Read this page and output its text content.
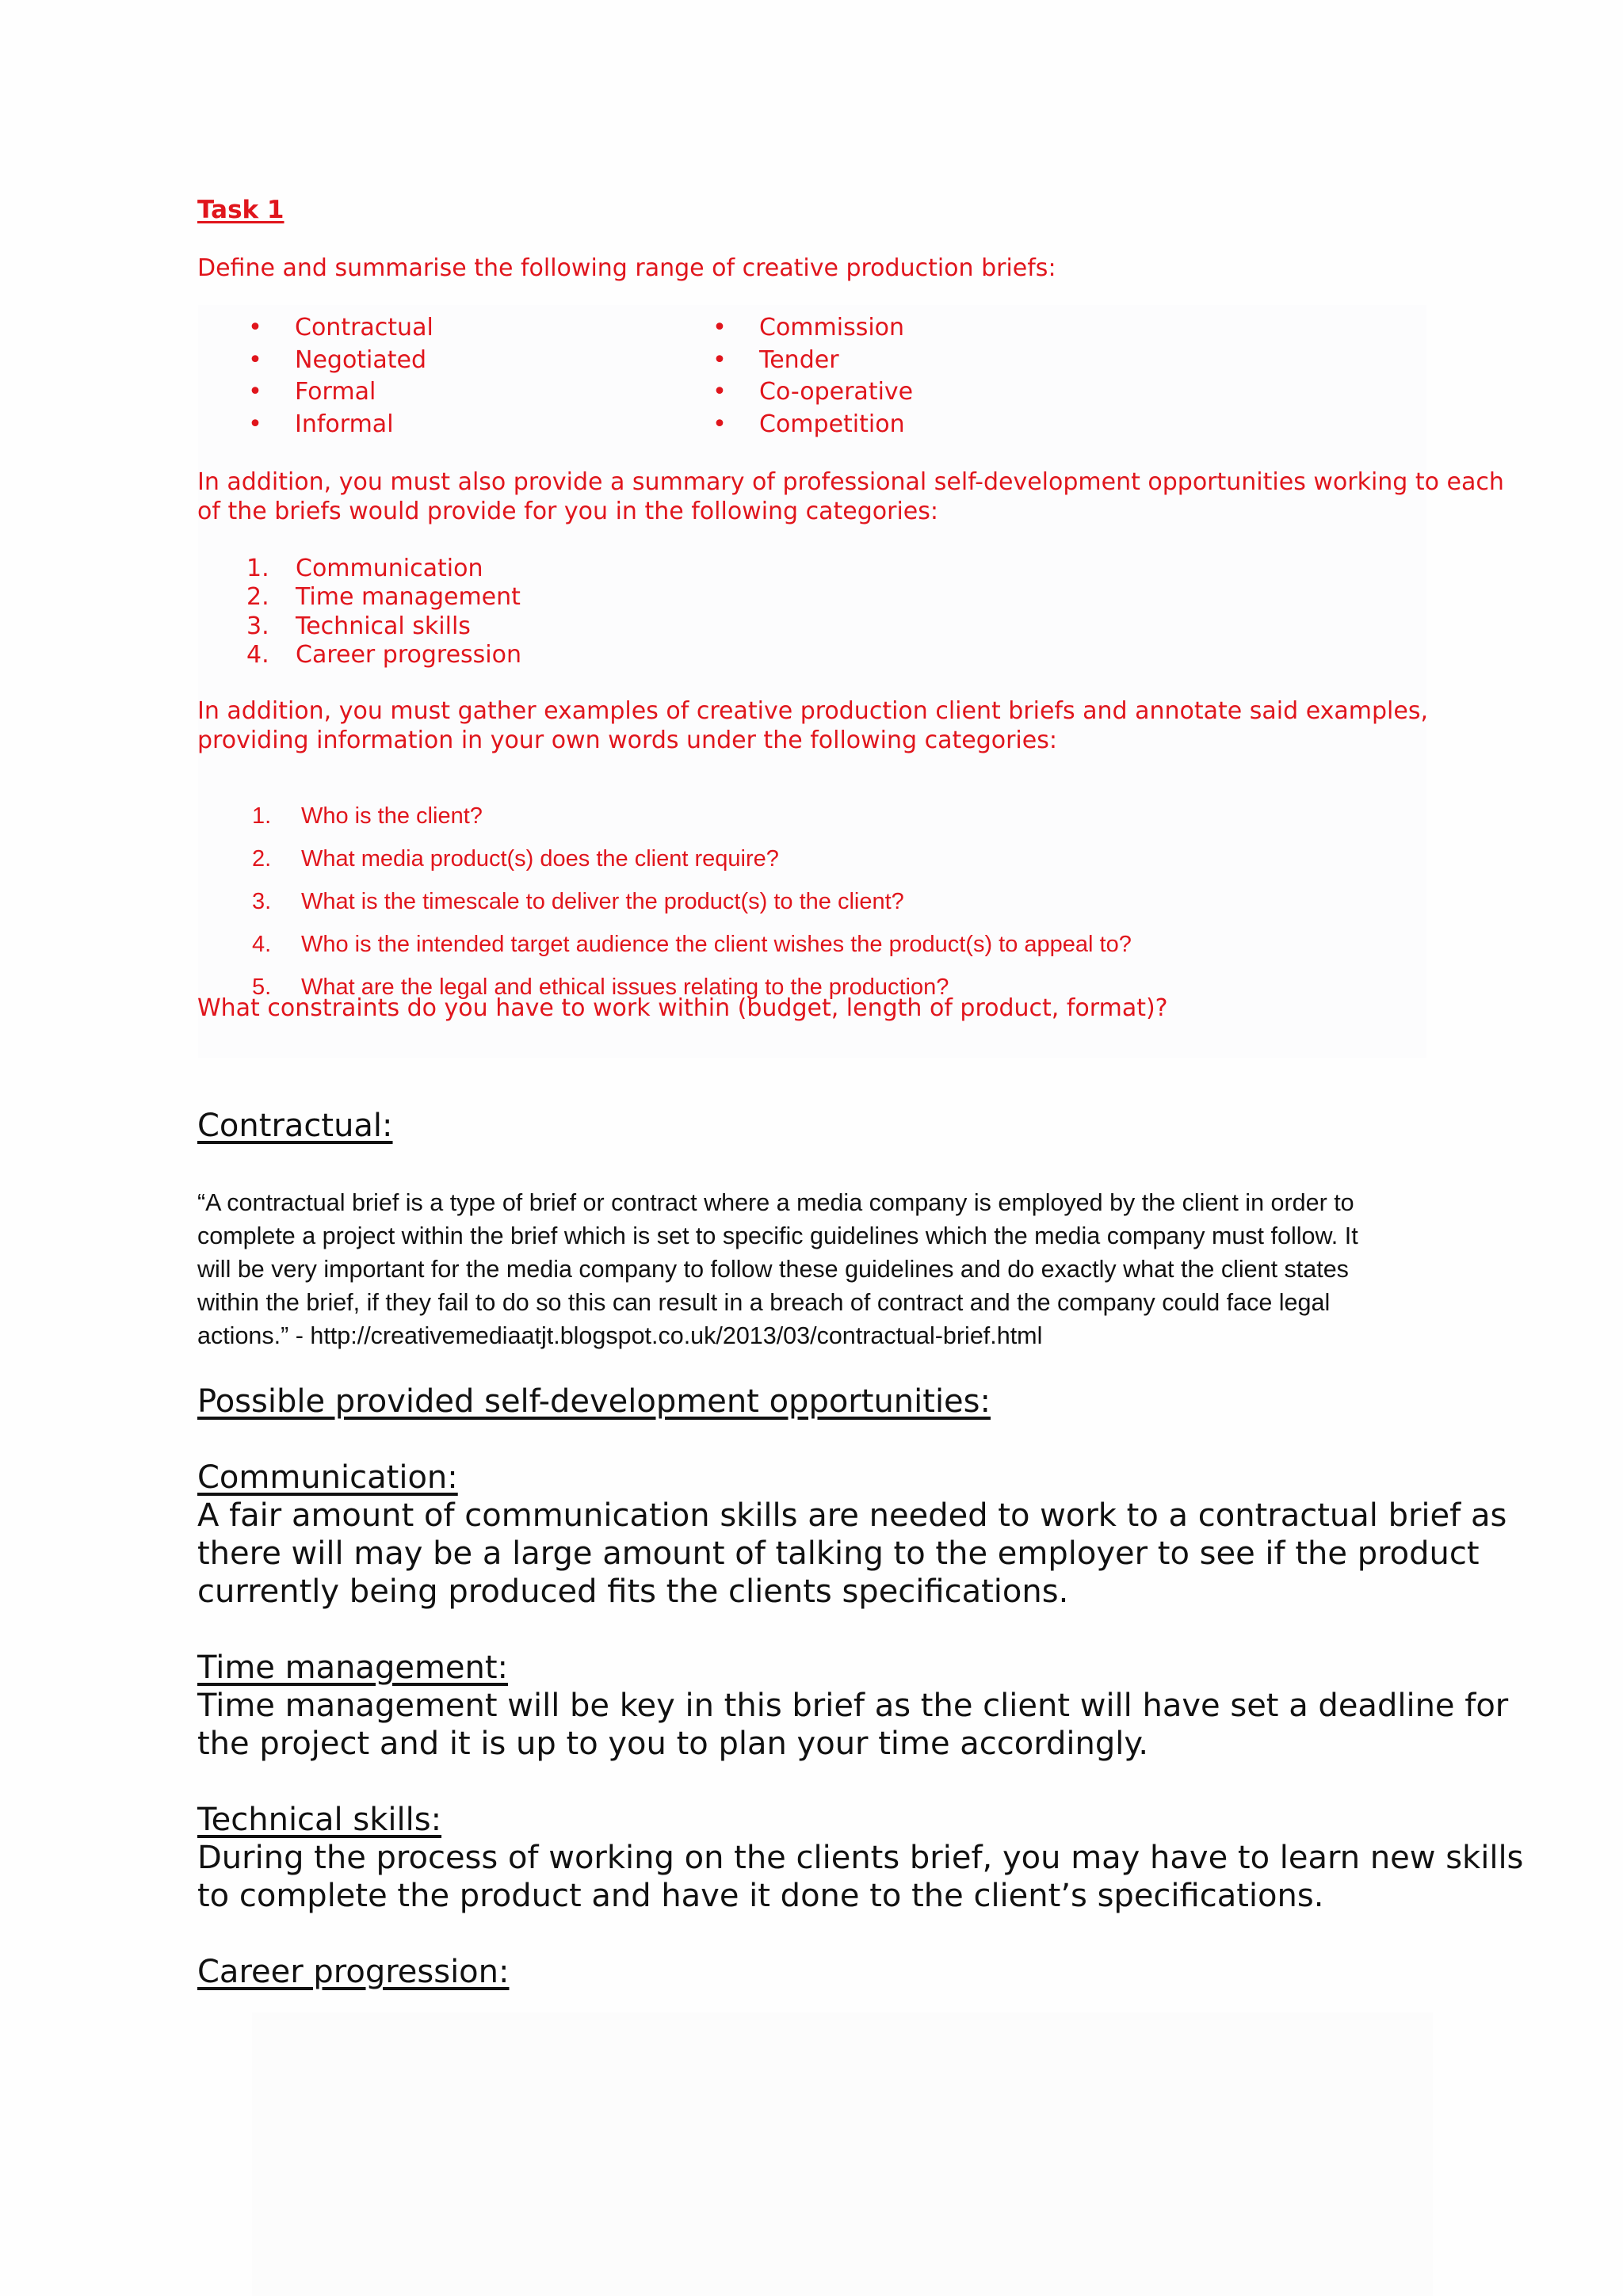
Task 1
Define and summarise the following range of creative production briefs:
• Contractual
• Negotiated
• Formal
• Informal
• Commission
• Tender
• Co-operative
• Competition
In addition, you must also provide a summary of professional self-development opportunities working to each
of the briefs would provide for you in the following categories:
1.	Communication
2.	Time management
3.	Technical skills
4.	Career progression
In addition, you must gather examples of creative production client briefs and annotate said examples,
providing information in your own words under the following categories:
1.	Who is the client?
2.	What media product(s) does the client require?
3.	What is the timescale to deliver the product(s) to the client?
4.	Who is the intended target audience the client wishes the product(s) to appeal to?
5.	What are the legal and ethical issues relating to the production?
What constraints do you have to work within (budget, length of product, format)?
Contractual:
“A contractual brief is a type of brief or contract where a media company is employed by the client in order to
complete a project within the brief which is set to specific guidelines which the media company must follow. It
will be very important for the media company to follow these guidelines and do exactly what the client states
within the brief, if they fail to do so this can result in a breach of contract and the company could face legal
actions.” - http://creativemediaatjt.blogspot.co.uk/2013/03/contractual-brief.html
Possible provided self-development opportunities:
Communication:
A fair amount of communication skills are needed to work to a contractual brief as
there will may be a large amount of talking to the employer to see if the product
currently being produced fits the clients specifications.
Time management:
Time management will be key in this brief as the client will have set a deadline for
the project and it is up to you to plan your time accordingly.
Technical skills:
During the process of working on the clients brief, you may have to learn new skills
to complete the product and have it done to the client’s specifications.
Career progression:
